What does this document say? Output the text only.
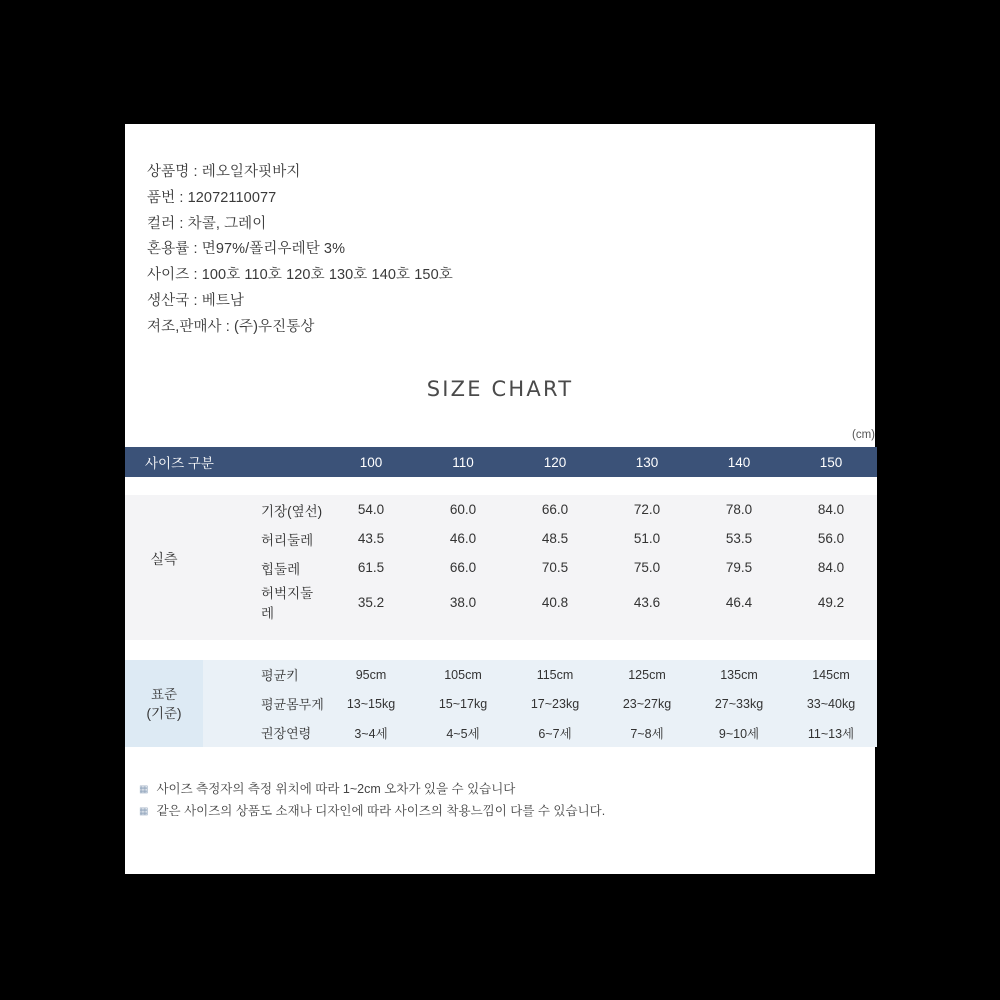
상품명 : 레오일자핏바지
품번 : 12072110077
컬러 : 차콜, 그레이
혼용률 : 면97%/폴리우레탄 3%
사이즈 : 100호 110호 120호 130호 140호 150호
생산국 : 베트남
져조,판매사 : (주)우진통상
SIZE CHART
(cm)
사이즈 구분		100	110	120	130	140	150

실측	기장(옆선)	54.0	60.0	66.0	72.0	78.0	84.0
	허리둘레	43.5	46.0	48.5	51.0	53.5	56.0
	힙둘레	61.5	66.0	70.5	75.0	79.5	84.0
	허벅지둘레	35.2	38.0	40.8	43.6	46.4	49.2

표준
(기준)	평균키	95cm	105cm	115cm	125cm	135cm	145cm
	평균몸무게	13~15kg	15~17kg	17~23kg	23~27kg	27~33kg	33~40kg
	권장연령	3~4세	4~5세	6~7세	7~8세	9~10세	11~13세
▦ 사이즈 측정자의 측정 위치에 따라 1~2cm 오차가 있을 수 있습니다
▦ 같은 사이즈의 상품도 소재나 디자인에 따라 사이즈의 착용느낌이 다를 수 있습니다.
